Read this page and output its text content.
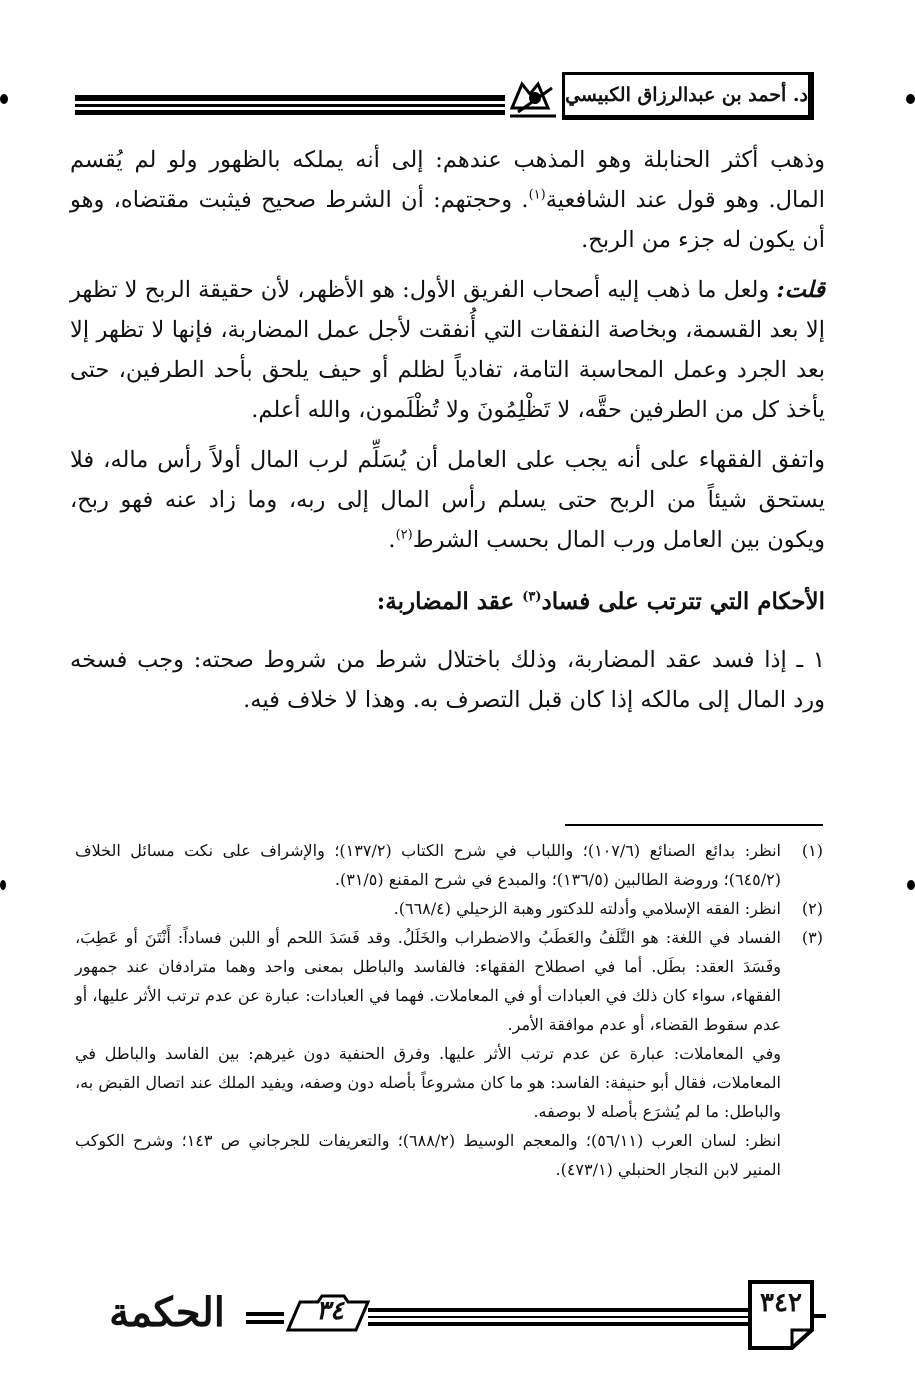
د. أحمد بن عبدالرزاق الكبيسي

وذهب أكثر الحنابلة وهو المذهب عندهم: إلى أنه يملكه بالظهور ولو لم يُقسم المال. وهو قول عند الشافعية$^{(١)}$. وحجتهم: أن الشرط صحيح فيثبت مقتضاه، وهو أن يكون له جزء من الربح.

قلت: ولعل ما ذهب إليه أصحاب الفريق الأول: هو الأظهر، لأن حقيقة الربح لا تظهر إلا بعد القسمة، وبخاصة النفقات التي أُنفقت لأجل عمل المضاربة، فإنها لا تظهر إلا بعد الجرد وعمل المحاسبة التامة، تفادياً لظلم أو حيف يلحق بأحد الطرفين، حتى يأخذ كل من الطرفين حقَّه، لا تَظْلِمُونَ ولا تُظْلَمون، والله أعلم.

واتفق الفقهاء على أنه يجب على العامل أن يُسَلِّم لرب المال أولاً رأس ماله، فلا يستحق شيئاً من الربح حتى يسلم رأس المال إلى ربه، وما زاد عنه فهو ربح، ويكون بين العامل ورب المال بحسب الشرط$^{(٢)}$.

الأحكام التي تترتب على فساد$^{(٣)}$ عقد المضاربة:

١ ـ إذا فسد عقد المضاربة، وذلك باختلال شرط من شروط صحته: وجب فسخه ورد المال إلى مالكه إذا كان قبل التصرف به. وهذا لا خلاف فيه.

(١)
انظر: بدائع الصنائع (١٠٧/٦)؛ واللباب في شرح الكتاب (١٣٧/٢)؛ والإشراف على نكت مسائل الخلاف (٦٤٥/٢)؛ وروضة الطالبين (١٣٦/٥)؛ والمبدع في شرح المقنع (٣١/٥).
(٢)
انظر: الفقه الإسلامي وأدلته للدكتور وهبة الزحيلي (٦٦٨/٤).
(٣)
الفساد في اللغة: هو التَّلَفُ والعَطَبُ والاضطراب والخَلَلُ. وقد فَسَدَ اللحم أو اللبن فساداً: أَنْتَنَ أو عَطِبَ، وفَسَدَ العقد: بطَل. أما في اصطلاح الفقهاء: فالفاسد والباطل بمعنى واحد وهما مترادفان عند جمهور الفقهاء، سواء كان ذلك في العبادات أو في المعاملات. فهما في العبادات: عبارة عن عدم ترتب الأثر عليها، أو عدم سقوط القضاء، أو عدم موافقة الأمر.
وفي المعاملات: عبارة عن عدم ترتب الأثر عليها. وفرق الحنفية دون غيرهم: بين الفاسد والباطل في المعاملات، فقال أبو حنيفة: الفاسد: هو ما كان مشروعاً بأصله دون وصفه، ويفيد الملك عند اتصال القبض به، والباطل: ما لم يُشرَع بأصله لا بوصفه.
انظر: لسان العرب (٥٦/١١)؛ والمعجم الوسيط (٦٨٨/٢)؛ والتعريفات للجرجاني ص ١٤٣؛ وشرح الكوكب المنير لابن النجار الحنبلي (٤٧٣/١).
الحكمة	٣٤	٣٤٢
